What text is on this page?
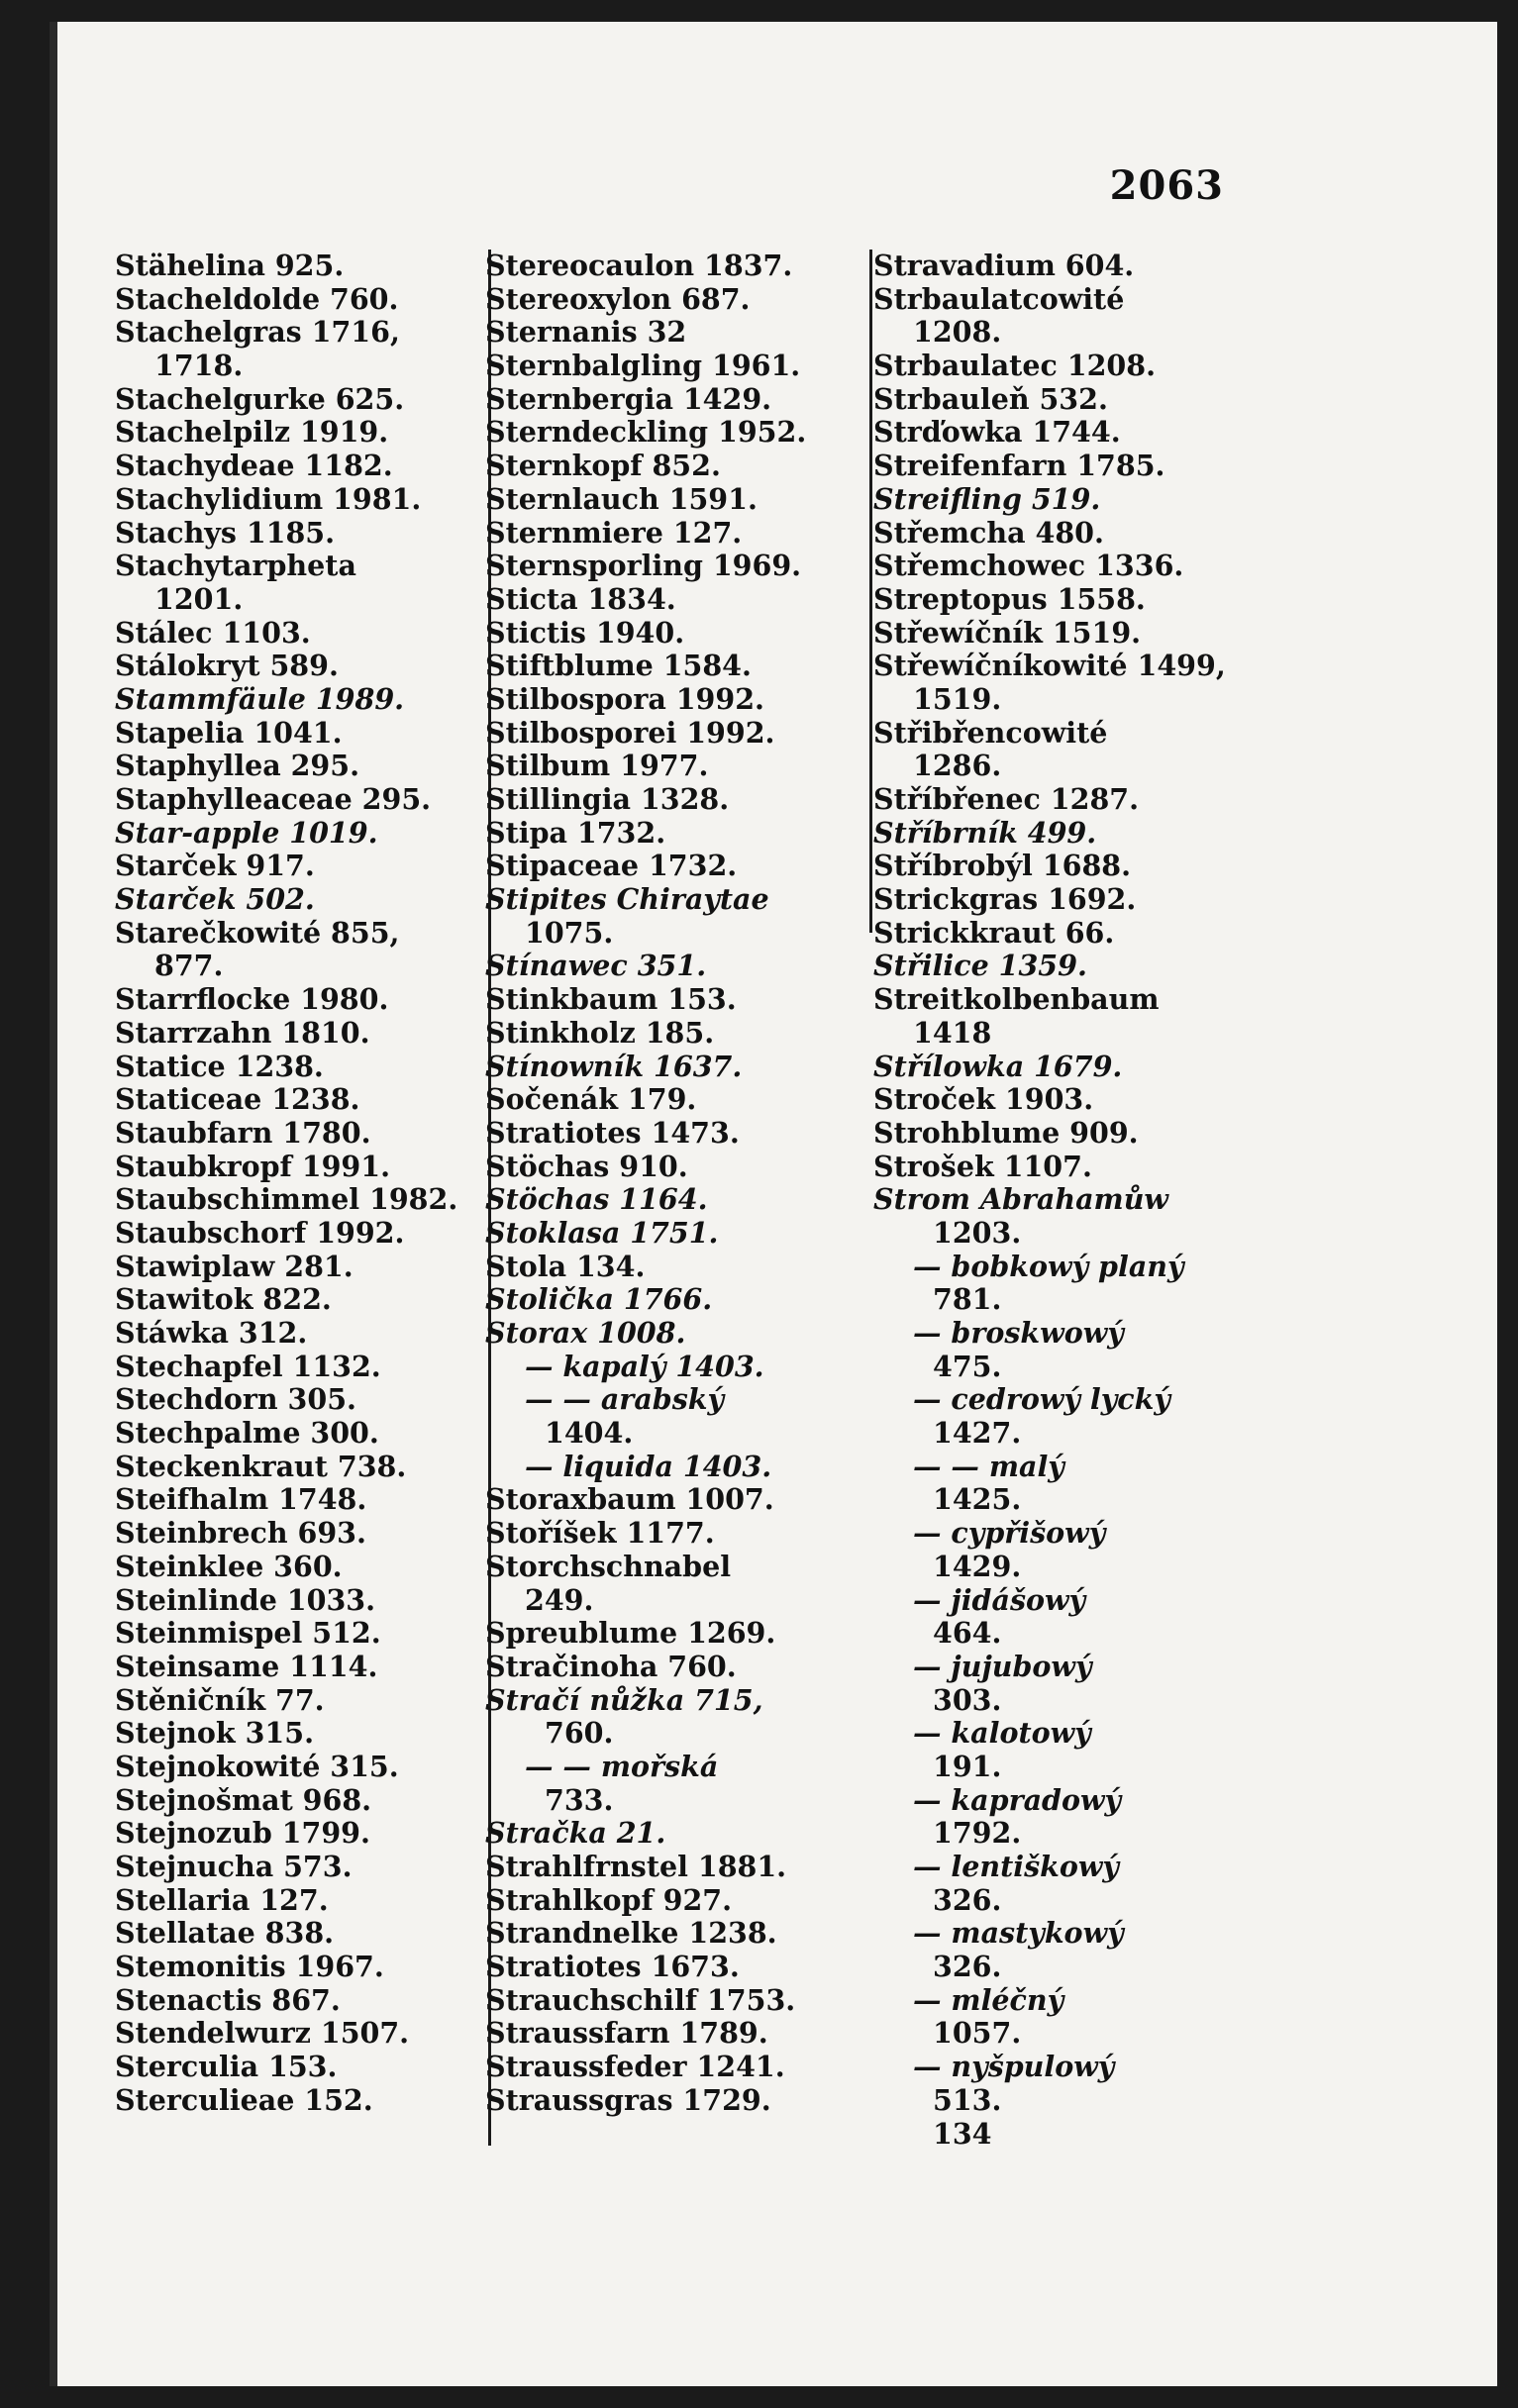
2063
Stähelina 925.
Stacheldolde 760.
Stachelgras 1716,
1718.
Stachelgurke 625.
Stachelpilz 1919.
Stachydeae 1182.
Stachylidium 1981.
Stachys 1185.
Stachytarpheta
1201.
Stálec 1103.
Stálokryt 589.
Stammfäule 1989.
Stapelia 1041.
Staphyllea 295.
Staphylleaceae 295.
Star-apple 1019.
Starček 917.
Starček 502.
Starečkowité 855,
877.
Starrflocke 1980.
Starrzahn 1810.
Statice 1238.
Staticeae 1238.
Staubfarn 1780.
Staubkropf 1991.
Staubschimmel 1982.
Staubschorf 1992.
Stawiplaw 281.
Stawitok 822.
Stáwka 312.
Stechapfel 1132.
Stechdorn 305.
Stechpalme 300.
Steckenkraut 738.
Steifhalm 1748.
Steinbrech 693.
Steinklee 360.
Steinlinde 1033.
Steinmispel 512.
Steinsame 1114.
Stěničník 77.
Stejnok 315.
Stejnokowité 315.
Stejnošmat 968.
Stejnozub 1799.
Stejnucha 573.
Stellaria 127.
Stellatae 838.
Stemonitis 1967.
Stenactis 867.
Stendelwurz 1507.
Sterculia 153.
Sterculieae 152.
Stereocaulon 1837.
Stereoxylon 687.
Sternanis 32
Sternbalgling 1961.
Sternbergia 1429.
Sterndeckling 1952.
Sternkopf 852.
Sternlauch 1591.
Sternmiere 127.
Sternsporling 1969.
Sticta 1834.
Stictis 1940.
Stiftblume 1584.
Stilbospora 1992.
Stilbosporei 1992.
Stilbum 1977.
Stillingia 1328.
Stipa 1732.
Stipaceae 1732.
Stipites Chiraytae
1075.
Stínawec 351.
Stinkbaum 153.
Stinkholz 185.
Stínowník 1637.
Sočenák 179.
Stratiotes 1473.
Stöchas 910.
Stöchas 1164.
Stoklasa 1751.
Stola 134.
Stolička 1766.
Storax 1008.
— kapalý 1403.
— — arabský
1404.
— liquida 1403.
Storaxbaum 1007.
Stoříšek 1177.
Storchschnabel
249.
Spreublume 1269.
Stračinoha 760.
Stračí nůžka 715,
760.
— — mořská
733.
Stračka 21.
Strahlfrnstel 1881.
Strahlkopf 927.
Strandnelke 1238.
Stratiotes 1673.
Strauchschilf 1753.
Straussfarn 1789.
Straussfeder 1241.
Straussgras 1729.
Stravadium 604.
Strbaulatcowité
1208.
Strbaulatec 1208.
Strbauleň 532.
Strďowka 1744.
Streifenfarn 1785.
Streifling 519.
Střemcha 480.
Střemchowec 1336.
Streptopus 1558.
Střewíčník 1519.
Střewíčníkowité 1499,
1519.
Střibřencowité
1286.
Stříbřenec 1287.
Stříbrník 499.
Stříbrobýl 1688.
Strickgras 1692.
Strickkraut 66.
Střilice 1359.
Streitkolbenbaum
1418
Střílowka 1679.
Stroček 1903.
Strohblume 909.
Strošek 1107.
Strom Abrahamůw
1203.
— bobkowý planý
781.
— broskwowý
475.
— cedrowý lycký
1427.
— — malý
1425.
— cypřišowý
1429.
— jidášowý
464.
— jujubowý
303.
— kalotowý
191.
— kapradowý
1792.
— lentiškowý
326.
— mastykowý
326.
— mléčný
1057.
— nyšpulowý
513.
134
